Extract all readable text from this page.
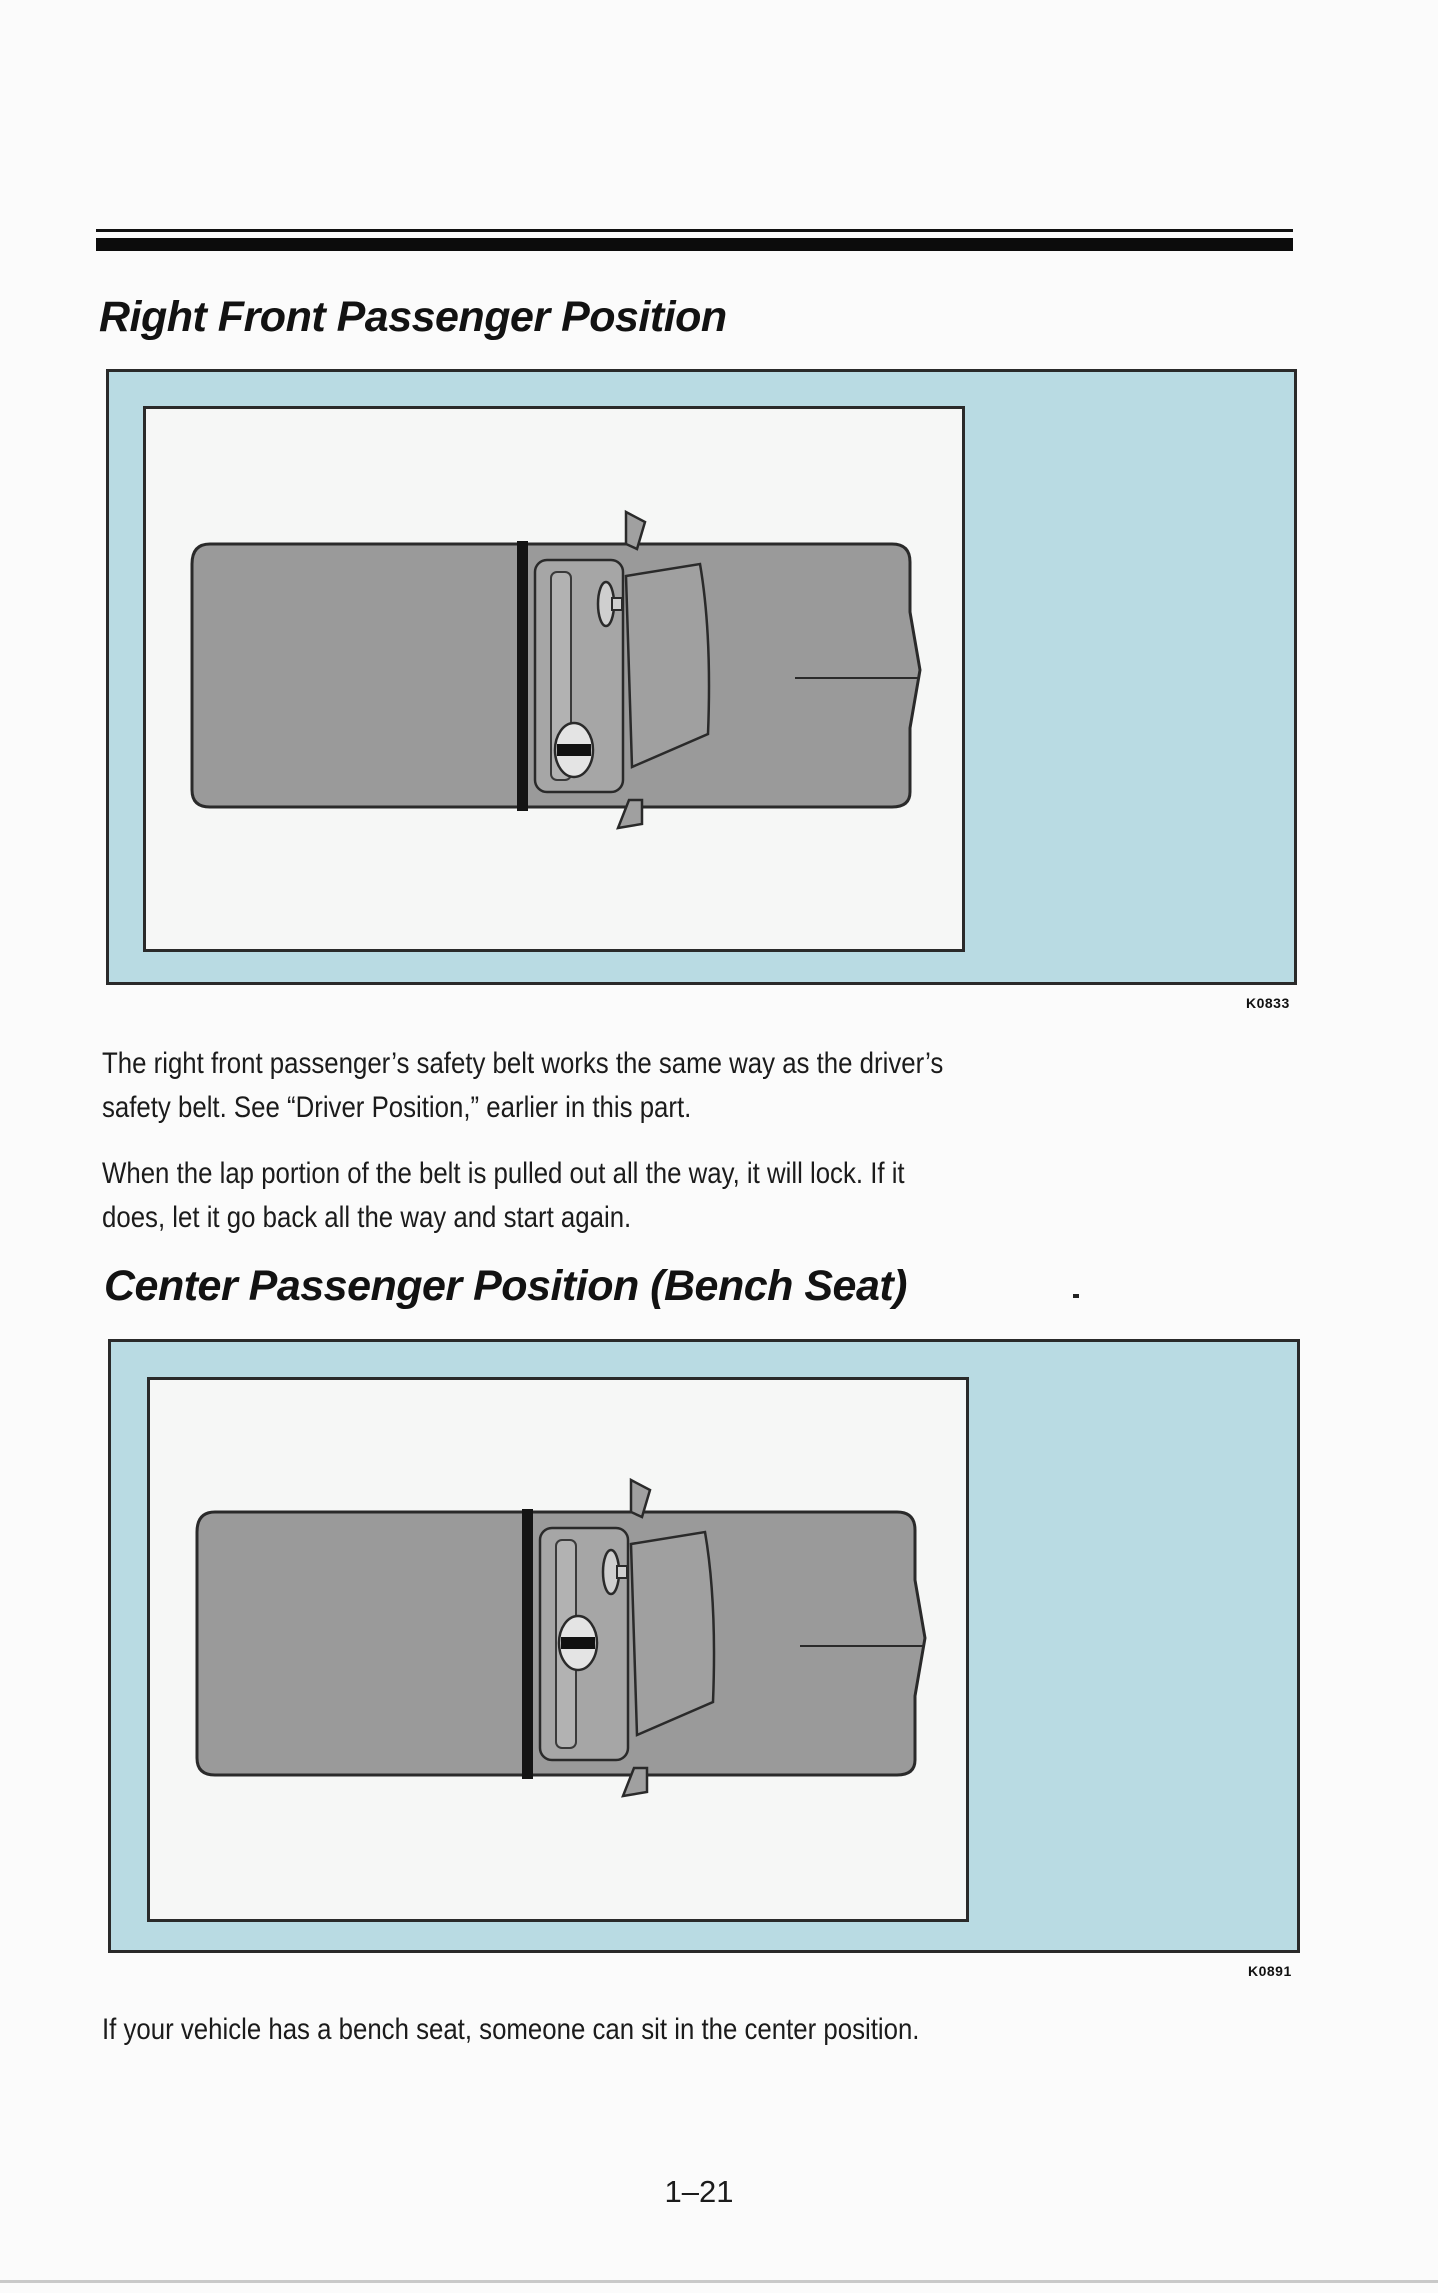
Right Front Passenger Position
K0833

The right front passenger’s safety belt works the same way as the driver’s
safety belt. See “Driver Position,” earlier in this part.

When the lap portion of the belt is pulled out all the way, it will lock. If it
does, let it go back all the way and start again.

Center Passenger Position (Bench Seat)
K0891

If your vehicle has a bench seat, someone can sit in the center position.

1–21
